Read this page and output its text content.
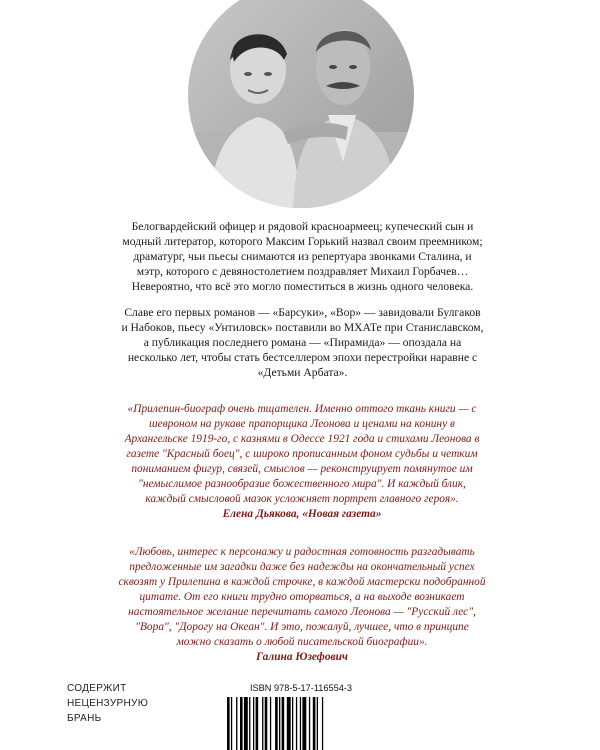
Белогвардейский офицер и рядовой красноармеец; купеческий сын и модный литератор, которого Максим Горький назвал своим преемником; драматург, чьи пьесы снимаются из репертуара звонками Сталина, и мэтр, которого с девяностолетием поздравляет Михаил Горбачев… Невероятно, что всё это могло поместиться в жизнь одного человека.

Славе его первых романов — «Барсуки», «Вор» — завидовали Булгаков и Набоков, пьесу «Унтиловск» поставили во МХАТе при Станиславском, а публикация последнего романа — «Пирамида» — опоздала на несколько лет, чтобы стать бестселлером эпохи перестройки наравне с «Детьми Арбата».

«Прилепин-биограф очень тщателен. Именно оттого ткань книги — с шевроном на рукаве прапорщика Леонова и ценами на конину в Архангельске 1919-го, с казнями в Одессе 1921 года и стихами Леонова в газете "Красный боец", с широко прописанным фоном судьбы и четким пониманием фигур, связей, смыслов — реконструирует помянутое им "немыслимое разнообразие божественного мира". И каждый блик, каждый смысловой мазок усложняет портрет главного героя».

Елена Дьякова, «Новая газета»

«Любовь, интерес к персонажу и радостная готовность разгадывать предложенные им загадки даже без надежды на окончательный успех сквозят у Прилепина в каждой строчке, в каждой мастерски подобранной цитате. От его книги трудно оторваться, а на выходе возникает настоятельное желание перечитать самого Леонова — "Русский лес", "Вора", "Дорогу на Океан". И это, пожалуй, лучшее, что в принципе можно сказать о любой писательской биографии».

Галина Юзефович

СОДЕРЖИТ
НЕЦЕНЗУРНУЮ
БРАНЬ
ISBN 978-5-17-116554-3
